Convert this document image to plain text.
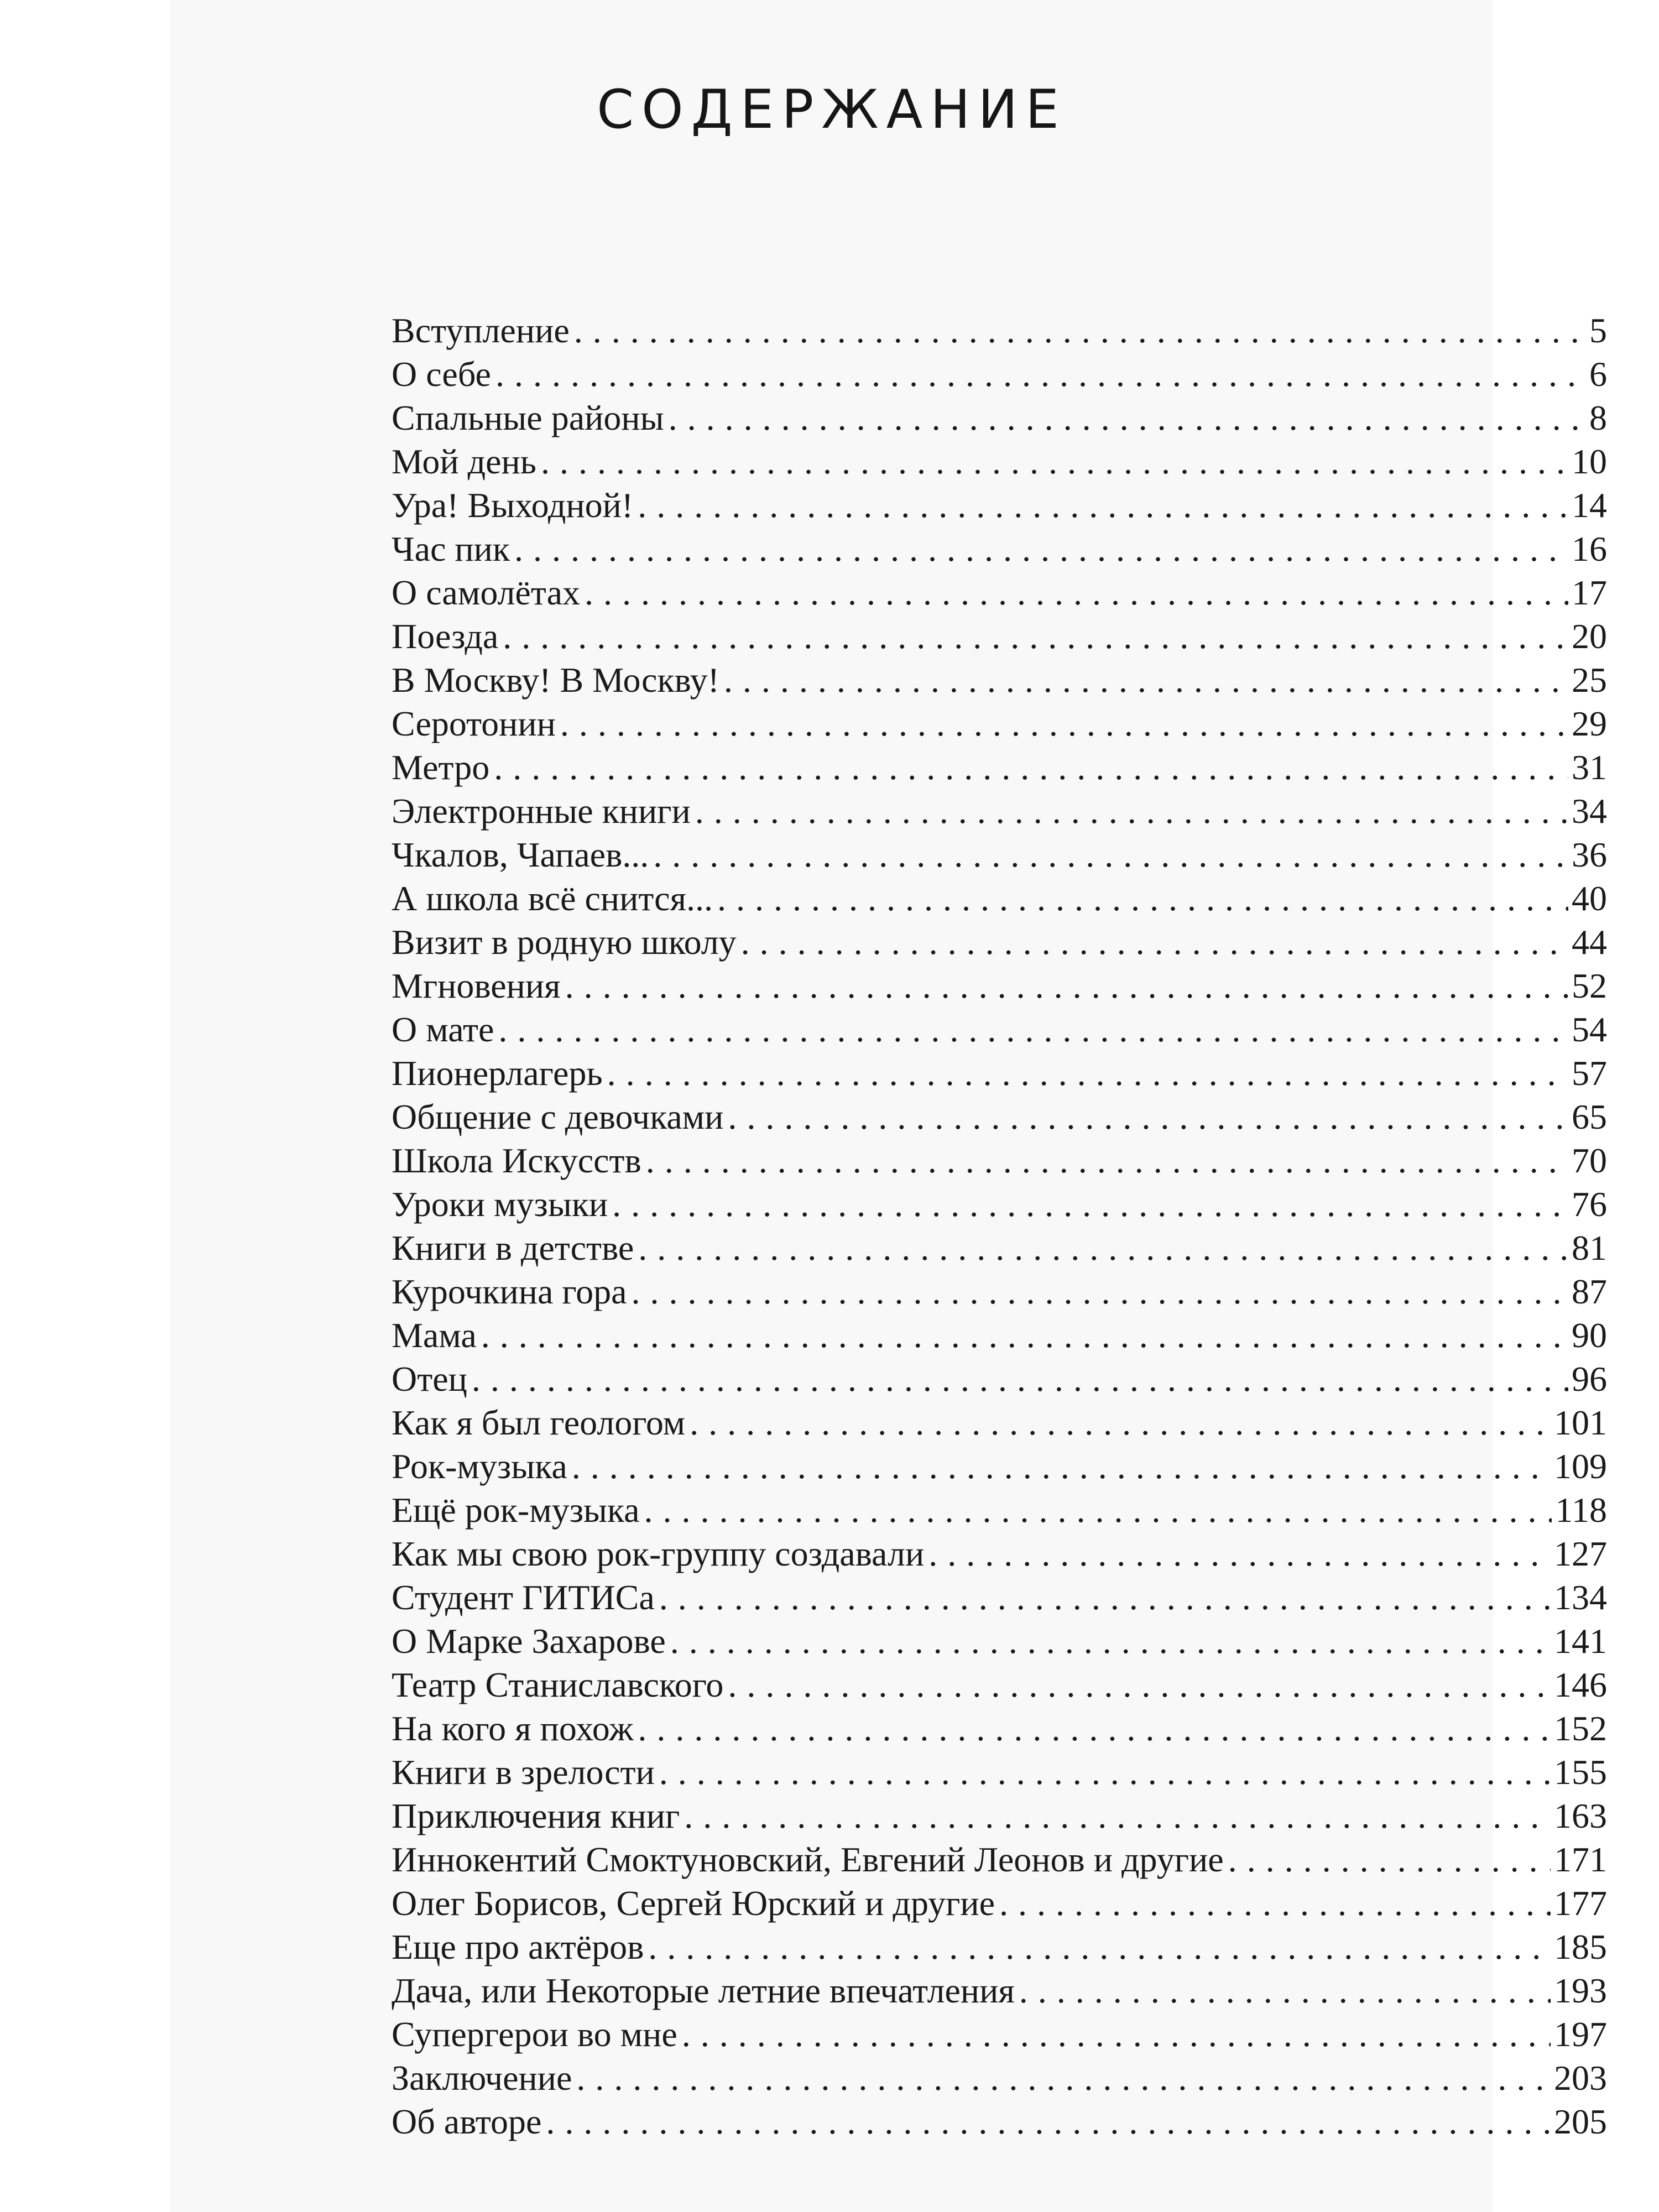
СОДЕРЖАНИЕ
Вступление . . .	5
О себе . . .	6
Спальные районы . . .	8
Мой день . . .	10
Ура! Выходной! . . .	14
Час пик . . .	16
О самолётах . . .	17
Поезда . . .	20
В Москву! В Москву! . . .	25
Серотонин . . .	29
Метро . . .	31
Электронные книги . . .	34
Чкалов, Чапаев... . . .	36
А школа всё снится... . . .	40
Визит в родную школу . . .	44
Мгновения . . .	52
О мате . . .	54
Пионерлагерь . . .	57
Общение с девочками . . .	65
Школа Искусств . . .	70
Уроки музыки . . .	76
Книги в детстве . . .	81
Курочкина гора . . .	87
Мама . . .	90
Отец . . .	96
Как я был геологом . . .	101
Рок-музыка . . .	109
Ещё рок-музыка . . .	118
Как мы свою рок-группу создавали . . .	127
Студент ГИТИСа . . .	134
О Марке Захарове . . .	141
Театр Станиславского . . .	146
На кого я похож . . .	152
Книги в зрелости . . .	155
Приключения книг . . .	163
Иннокентий Смоктуновский, Евгений Леонов и другие . . .	171
Олег Борисов, Сергей Юрский и другие . . .	177
Еще про актёров . . .	185
Дача, или Некоторые летние впечатления . . .	193
Супергерои во мне . . .	197
Заключение . . .	203
Об авторе . . .	205
